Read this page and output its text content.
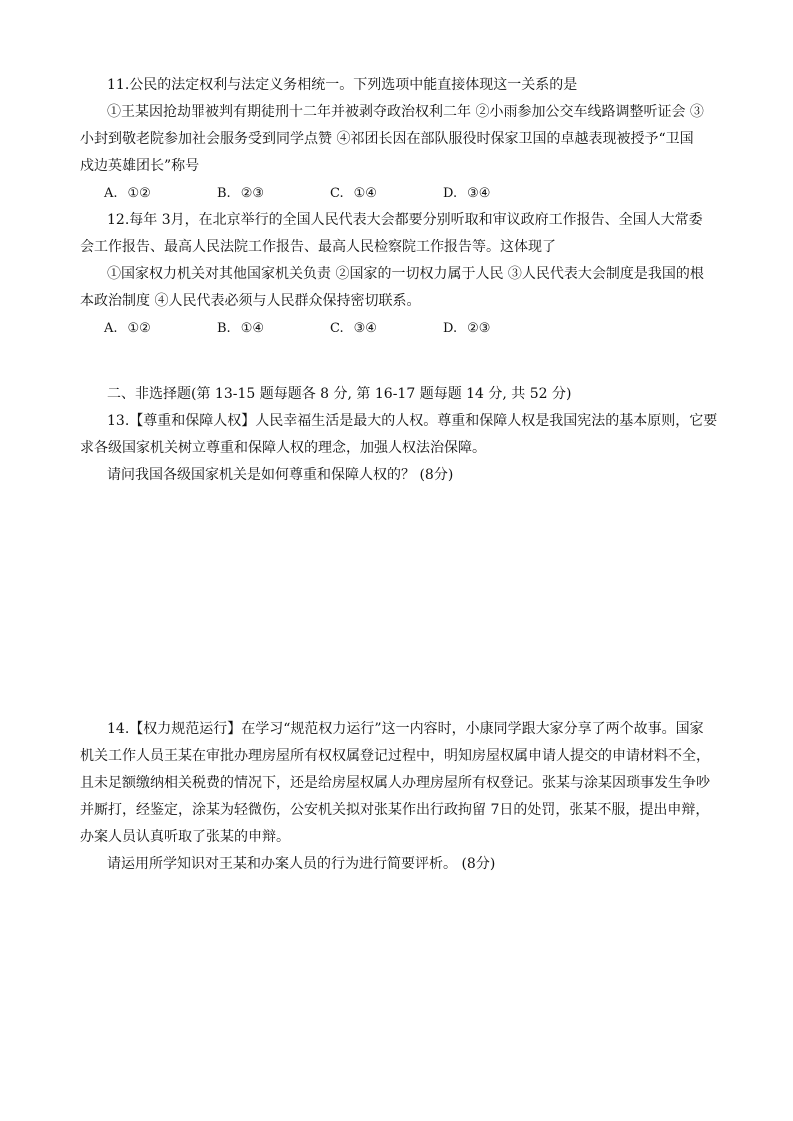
11.公民的法定权利与法定义务相统一。下列选项中能直接体现这一关系的是
①王某因抢劫罪被判有期徒刑十二年并被剥夺政治权利二年 ②小雨参加公交车线路调整听证会 ③
小封到敬老院参加社会服务受到同学点赞 ④祁团长因在部队服役时保家卫国的卓越表现被授予“卫国
戍边英雄团长”称号
A. ①②	B. ②③	C. ①④	D. ③④
12.每年 3月，在北京举行的全国人民代表大会都要分别听取和审议政府工作报告、全国人大常委
会工作报告、最高人民法院工作报告、最高人民检察院工作报告等。这体现了
①国家权力机关对其他国家机关负责 ②国家的一切权力属于人民 ③人民代表大会制度是我国的根
本政治制度 ④人民代表必须与人民群众保持密切联系。
A. ①②	B. ①④	C. ③④	D. ②③
二、非选择题(第 13-15 题每题各 8 分, 第 16-17 题每题 14 分, 共 52 分)
13.【尊重和保障人权】人民幸福生活是最大的人权。尊重和保障人权是我国宪法的基本原则，它要
求各级国家机关树立尊重和保障人权的理念，加强人权法治保障。
请问我国各级国家机关是如何尊重和保障人权的？ (8分)
14.【权力规范运行】在学习“规范权力运行”这一内容时，小康同学跟大家分享了两个故事。国家
机关工作人员王某在审批办理房屋所有权权属登记过程中，明知房屋权属申请人提交的申请材料不全，
且未足额缴纳相关税费的情况下，还是给房屋权属人办理房屋所有权登记。张某与涂某因琐事发生争吵
并厮打，经鉴定，涂某为轻微伤，公安机关拟对张某作出行政拘留 7日的处罚，张某不服，提出申辩，
办案人员认真听取了张某的申辩。
请运用所学知识对王某和办案人员的行为进行简要评析。 (8分)
